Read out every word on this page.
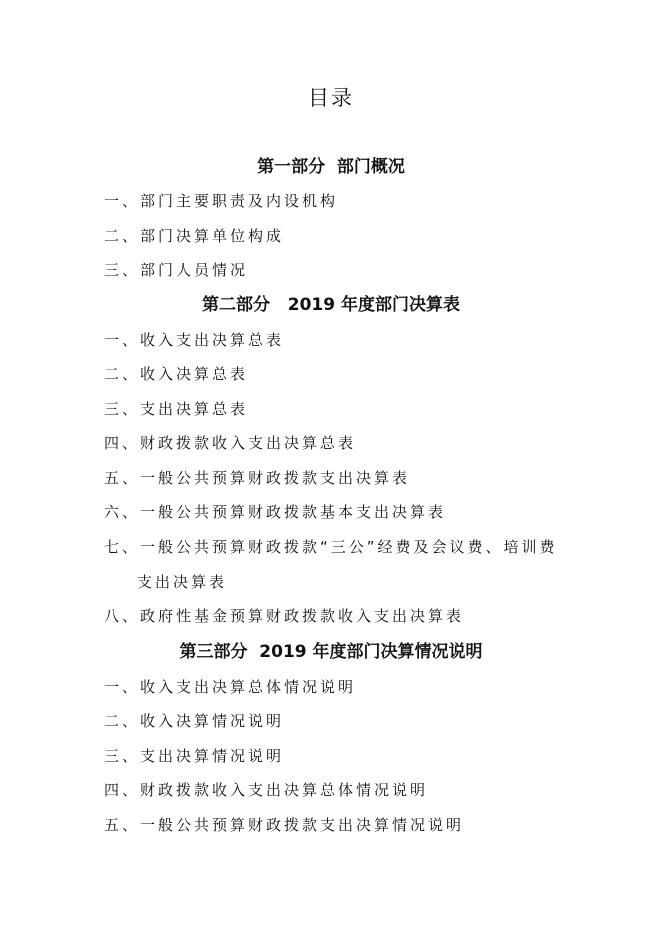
目录
第一部分  部门概况
一、部门主要职责及内设机构
二、部门决算单位构成
三、部门人员情况
第二部分   2019 年度部门决算表
一、收入支出决算总表
二、收入决算总表
三、支出决算总表
四、财政拨款收入支出决算总表
五、一般公共预算财政拨款支出决算表
六、一般公共预算财政拨款基本支出决算表
七、一般公共预算财政拨款“三公”经费及会议费、培训费
支出决算表
八、政府性基金预算财政拨款收入支出决算表
第三部分  2019 年度部门决算情况说明
一、收入支出决算总体情况说明
二、收入决算情况说明
三、支出决算情况说明
四、财政拨款收入支出决算总体情况说明
五、一般公共预算财政拨款支出决算情况说明
